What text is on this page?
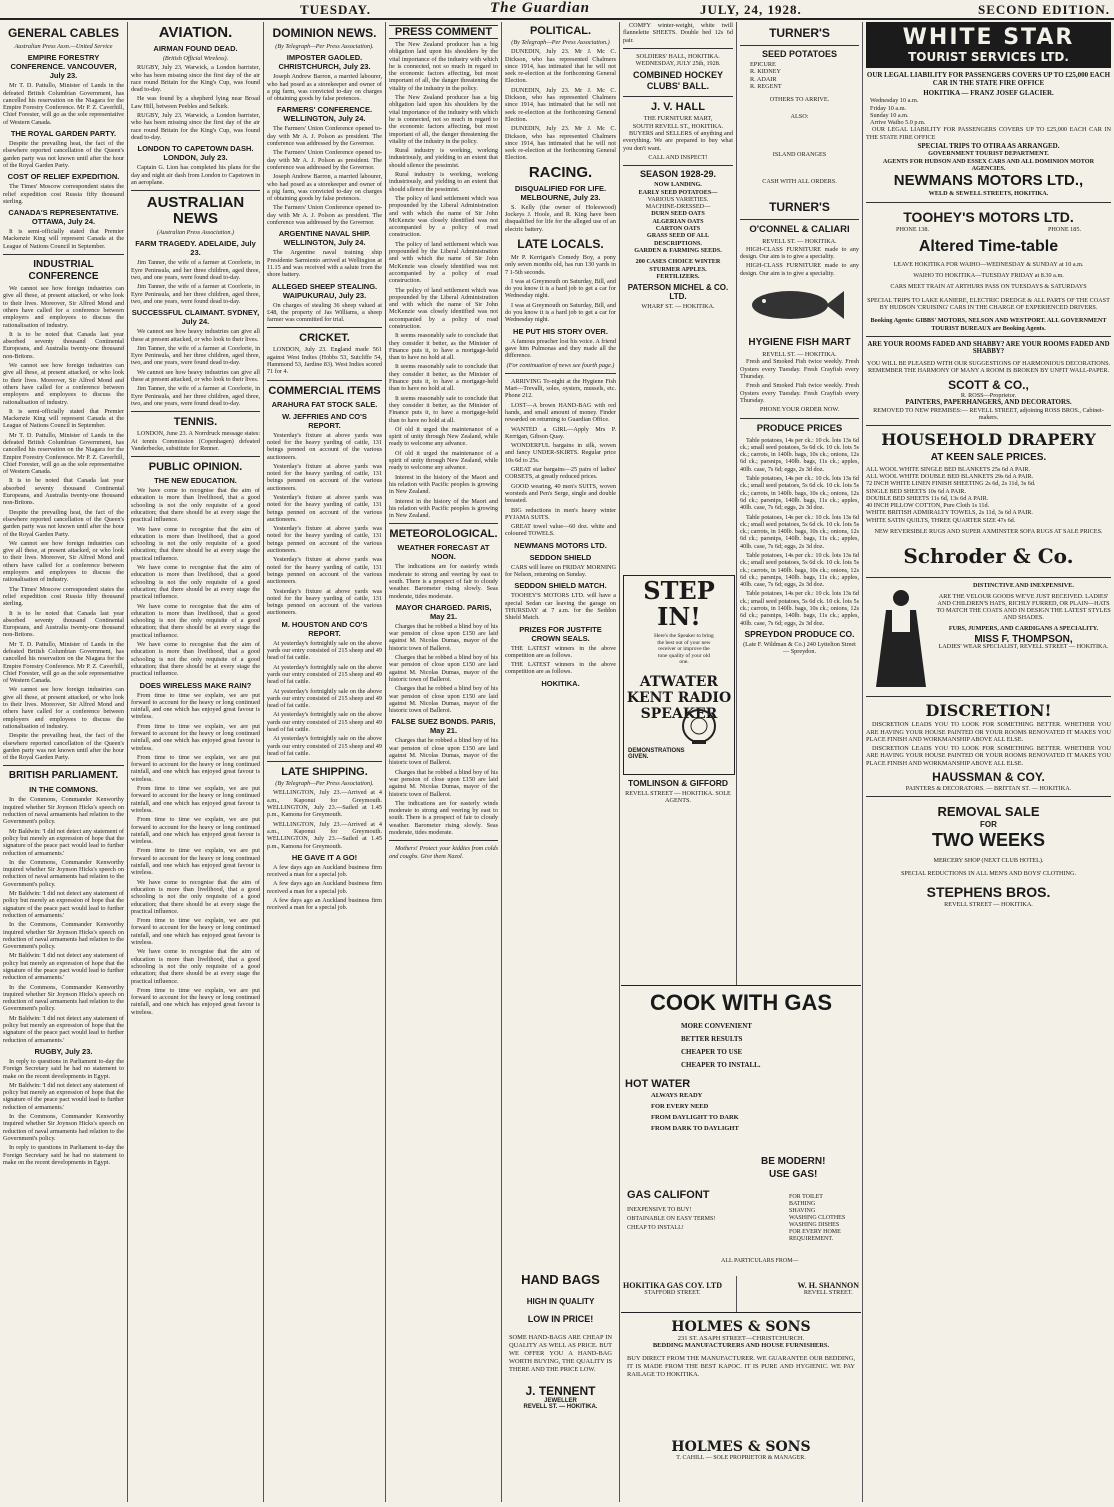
TUESDAY.	The Guardian	JULY, 24, 1928.	SECOND EDITION.
GENERAL CABLES
Australian Press Assn.—United Service
EMPIRE FORESTRY CONFERENCE. VANCOUVER, July 23.

Mr T. D. Pattullo, Minister of Lands in the defeated British Columbian Government, has cancelled his reservation on the Niagara for the Empire Forestry Conference. Mr P. Z. Caverhill, Chief Forester, will go as the sole representative of Western Canada.

THE ROYAL GARDEN PARTY.

Despite the prevailing heat, the fact of the elsewhere reported cancellation of the Queen's garden party was not known until after the hour of the Royal Garden Party.

COST OF RELIEF EXPEDITION.

The Times' Moscow correspondent states the relief expedition cost Russia fifty thousand sterling.

CANADA'S REPRESENTATIVE. OTTAWA, July 24.

It is semi-officially stated that Premier Mackenzie King will represent Canada at the League of Nations Council in September.

INDUSTRIAL CONFERENCE

We cannot see how foreign industries can give all these, at present attacked, or who look to their lives. Moreover, Sir Alfred Mond and others have called for a conference between employers and employees to discuss the rationalisation of industry.

It is to be noted that Canada last year absorbed seventy thousand Continental Europeans, and Australia twenty-one thousand non-Britons.

We cannot see how foreign industries can give all these, at present attacked, or who look to their lives. Moreover, Sir Alfred Mond and others have called for a conference between employers and employees to discuss the rationalisation of industry.

It is semi-officially stated that Premier Mackenzie King will represent Canada at the League of Nations Council in September.

Mr T. D. Pattullo, Minister of Lands in the defeated British Columbian Government, has cancelled his reservation on the Niagara for the Empire Forestry Conference. Mr P. Z. Caverhill, Chief Forester, will go as the sole representative of Western Canada.

It is to be noted that Canada last year absorbed seventy thousand Continental Europeans, and Australia twenty-one thousand non-Britons.

Despite the prevailing heat, the fact of the elsewhere reported cancellation of the Queen's garden party was not known until after the hour of the Royal Garden Party.

We cannot see how foreign industries can give all these, at present attacked, or who look to their lives. Moreover, Sir Alfred Mond and others have called for a conference between employers and employees to discuss the rationalisation of industry.

The Times' Moscow correspondent states the relief expedition cost Russia fifty thousand sterling.

It is to be noted that Canada last year absorbed seventy thousand Continental Europeans, and Australia twenty-one thousand non-Britons.

Mr T. D. Pattullo, Minister of Lands in the defeated British Columbian Government, has cancelled his reservation on the Niagara for the Empire Forestry Conference. Mr P. Z. Caverhill, Chief Forester, will go as the sole representative of Western Canada.

We cannot see how foreign industries can give all these, at present attacked, or who look to their lives. Moreover, Sir Alfred Mond and others have called for a conference between employers and employees to discuss the rationalisation of industry.

Despite the prevailing heat, the fact of the elsewhere reported cancellation of the Queen's garden party was not known until after the hour of the Royal Garden Party.

BRITISH PARLIAMENT.
IN THE COMMONS.

In the Commons, Commander Kenworthy inquired whether Sir Joynson Hicks's speech on reduction of naval armaments had relation to the Government's policy.

Mr Baldwin: 'I did not detect any statement of policy but merely an expression of hope that the signature of the peace pact would lead to further reduction of armaments.'

In the Commons, Commander Kenworthy inquired whether Sir Joynson Hicks's speech on reduction of naval armaments had relation to the Government's policy.

Mr Baldwin: 'I did not detect any statement of policy but merely an expression of hope that the signature of the peace pact would lead to further reduction of armaments.'

In the Commons, Commander Kenworthy inquired whether Sir Joynson Hicks's speech on reduction of naval armaments had relation to the Government's policy.

Mr Baldwin: 'I did not detect any statement of policy but merely an expression of hope that the signature of the peace pact would lead to further reduction of armaments.'

In the Commons, Commander Kenworthy inquired whether Sir Joynson Hicks's speech on reduction of naval armaments had relation to the Government's policy.

Mr Baldwin: 'I did not detect any statement of policy but merely an expression of hope that the signature of the peace pact would lead to further reduction of armaments.'

RUGBY, July 23.

In reply to questions in Parliament to-day the Foreign Secretary said he had no statement to make on the recent developments in Egypt.

Mr Baldwin: 'I did not detect any statement of policy but merely an expression of hope that the signature of the peace pact would lead to further reduction of armaments.'

In the Commons, Commander Kenworthy inquired whether Sir Joynson Hicks's speech on reduction of naval armaments had relation to the Government's policy.

In reply to questions in Parliament to-day the Foreign Secretary said he had no statement to make on the recent developments in Egypt.

AVIATION.
AIRMAN FOUND DEAD.
(British Official Wireless).

RUGBY, July 23. Warwick, a London barrister, who has been missing since the first day of the air race round Britain for the King's Cup, was found dead to-day.

He was found by a shepherd lying near Broad Law Hill, between Peebles and Selkirk.

RUGBY, July 23. Warwick, a London barrister, who has been missing since the first day of the air race round Britain for the King's Cup, was found dead to-day.

LONDON TO CAPETOWN DASH. LONDON, July 23.

Captain G. Lion has completed his plans for the day and night air dash from London to Capetown in an aeroplane.

AUSTRALIAN NEWS
(Australian Press Association.)
FARM TRAGEDY. ADELAIDE, July 23.

Jim Tanner, the wife of a farmer at Coorlorie, in Eyre Peninsula, and her three children, aged three, two, and one years, were found dead to-day.

Jim Tanner, the wife of a farmer at Coorlorie, in Eyre Peninsula, and her three children, aged three, two, and one years, were found dead to-day.

SUCCESSFUL CLAIMANT. SYDNEY, July 24.

We cannot see how heavy industries can give all these at present attacked, or who look to their lives.

Jim Tanner, the wife of a farmer at Coorlorie, in Eyre Peninsula, and her three children, aged three, two, and one years, were found dead to-day.

We cannot see how heavy industries can give all these at present attacked, or who look to their lives.

Jim Tanner, the wife of a farmer at Coorlorie, in Eyre Peninsula, and her three children, aged three, two, and one years, were found dead to-day.

TENNIS.

LONDON, June 23. A Norrdruck message states: At tennis Commission (Copenhagen) defeated Vanderbecke, substitute for Renner.

PUBLIC OPINION.
THE NEW EDUCATION.

We have come to recognise that the aim of education is more than livelihood, that a good schooling is not the only requisite of a good education; that there should be at every stage the practical influence.

We have come to recognise that the aim of education is more than livelihood, that a good schooling is not the only requisite of a good education; that there should be at every stage the practical influence.

We have come to recognise that the aim of education is more than livelihood, that a good schooling is not the only requisite of a good education; that there should be at every stage the practical influence.

We have come to recognise that the aim of education is more than livelihood, that a good schooling is not the only requisite of a good education; that there should be at every stage the practical influence.

We have come to recognise that the aim of education is more than livelihood, that a good schooling is not the only requisite of a good education; that there should be at every stage the practical influence.

DOES WIRELESS MAKE RAIN?

From time to time we explain, we are put forward to account for the heavy or long continued rainfall, and one which has enjoyed great favour is wireless.

From time to time we explain, we are put forward to account for the heavy or long continued rainfall, and one which has enjoyed great favour is wireless.

From time to time we explain, we are put forward to account for the heavy or long continued rainfall, and one which has enjoyed great favour is wireless.

From time to time we explain, we are put forward to account for the heavy or long continued rainfall, and one which has enjoyed great favour is wireless.

From time to time we explain, we are put forward to account for the heavy or long continued rainfall, and one which has enjoyed great favour is wireless.

From time to time we explain, we are put forward to account for the heavy or long continued rainfall, and one which has enjoyed great favour is wireless.

We have come to recognise that the aim of education is more than livelihood, that a good schooling is not the only requisite of a good education; that there should be at every stage the practical influence.

From time to time we explain, we are put forward to account for the heavy or long continued rainfall, and one which has enjoyed great favour is wireless.

We have come to recognise that the aim of education is more than livelihood, that a good schooling is not the only requisite of a good education; that there should be at every stage the practical influence.

From time to time we explain, we are put forward to account for the heavy or long continued rainfall, and one which has enjoyed great favour is wireless.

DOMINION NEWS.
(By Telegraph—Per Press Association).
IMPOSTER GAOLED. CHRISTCHURCH, July 23.

Joseph Andrew Barron, a married labourer, who had posed as a storekeeper and owner of a pig farm, was convicted to-day on charges of obtaining goods by false pretences.

FARMERS' CONFERENCE. WELLINGTON, July 24.

The Farmers' Union Conference opened to-day with Mr A. J. Polson as president. The conference was addressed by the Governor.

The Farmers' Union Conference opened to-day with Mr A. J. Polson as president. The conference was addressed by the Governor.

Joseph Andrew Barron, a married labourer, who had posed as a storekeeper and owner of a pig farm, was convicted to-day on charges of obtaining goods by false pretences.

The Farmers' Union Conference opened to-day with Mr A. J. Polson as president. The conference was addressed by the Governor.

ARGENTINE NAVAL SHIP. WELLINGTON, July 24.

The Argentine naval training ship Presidente Sarmiento arrived at Wellington at 11.15 and was received with a salute from the shore battery.

ALLEGED SHEEP STEALING. WAIPUKURAU, July 23.

On charges of stealing 36 sheep valued at £48, the property of Jas Williams, a sheep farmer was committed for trial.

CRICKET.

LONDON, July 23. England made 561 against West Indies (Hobbs 53, Sutcliffe 54, Hammond 53, Jardine 83). West Indies scored 71 for 4.

COMMERCIAL ITEMS
ARAHURA FAT STOCK SALE.
W. JEFFRIES AND CO'S REPORT.

Yesterday's fixture at above yards was noted for the heavy yarding of cattle, 131 beings penned on account of the various auctioneers.

Yesterday's fixture at above yards was noted for the heavy yarding of cattle, 131 beings penned on account of the various auctioneers.

Yesterday's fixture at above yards was noted for the heavy yarding of cattle, 131 beings penned on account of the various auctioneers.

Yesterday's fixture at above yards was noted for the heavy yarding of cattle, 131 beings penned on account of the various auctioneers.

Yesterday's fixture at above yards was noted for the heavy yarding of cattle, 131 beings penned on account of the various auctioneers.

Yesterday's fixture at above yards was noted for the heavy yarding of cattle, 131 beings penned on account of the various auctioneers.

M. HOUSTON AND CO'S REPORT.

At yesterday's fortnightly sale on the above yards our entry consisted of 215 sheep and 49 head of fat cattle.

At yesterday's fortnightly sale on the above yards our entry consisted of 215 sheep and 49 head of fat cattle.

At yesterday's fortnightly sale on the above yards our entry consisted of 215 sheep and 49 head of fat cattle.

At yesterday's fortnightly sale on the above yards our entry consisted of 215 sheep and 49 head of fat cattle.

At yesterday's fortnightly sale on the above yards our entry consisted of 215 sheep and 49 head of fat cattle.

LATE SHIPPING.
(By Telegraph—Per Press Association).

WELLINGTON, July 23.—Arrived at 4 a.m., Kaponui for Greymouth. WELLINGTON, July 23.—Sailed at 1.45 p.m., Kamona for Greymouth.

WELLINGTON, July 23.—Arrived at 4 a.m., Kaponui for Greymouth. WELLINGTON, July 23.—Sailed at 1.45 p.m., Kamona for Greymouth.

HE GAVE IT A GO!

A few days ago an Auckland business firm received a man for a special job.

A few days ago an Auckland business firm received a man for a special job.

A few days ago an Auckland business firm received a man for a special job.

PRESS COMMENT

The New Zealand producer has a big obligation laid upon his shoulders by the vital importance of the industry with which he is connected, not so much in regard to the economic factors affecting, but most important of all, the danger threatening the vitality of the industry in the policy.

The New Zealand producer has a big obligation laid upon his shoulders by the vital importance of the industry with which he is connected, not so much in regard to the economic factors affecting, but most important of all, the danger threatening the vitality of the industry in the policy.

Rural industry is working, working industriously, and yielding to an extent that should silence the pessimist.

Rural industry is working, working industriously, and yielding to an extent that should silence the pessimist.

The policy of land settlement which was propounded by the Liberal Administration and with which the name of Sir John McKenzie was closely identified was not accompanied by a policy of road construction.

The policy of land settlement which was propounded by the Liberal Administration and with which the name of Sir John McKenzie was closely identified was not accompanied by a policy of road construction.

The policy of land settlement which was propounded by the Liberal Administration and with which the name of Sir John McKenzie was closely identified was not accompanied by a policy of road construction.

It seems reasonably safe to conclude that they consider it better, as the Minister of Finance puts it, to have a mortgage-held than to have no hold at all.

It seems reasonably safe to conclude that they consider it better, as the Minister of Finance puts it, to have a mortgage-held than to have no hold at all.

It seems reasonably safe to conclude that they consider it better, as the Minister of Finance puts it, to have a mortgage-held than to have no hold at all.

Of old it urged the maintenance of a spirit of unity through New Zealand, while ready to welcome any advance.

Of old it urged the maintenance of a spirit of unity through New Zealand, while ready to welcome any advance.

Interest in the history of the Maori and his relation with Pacific peoples is growing in New Zealand.

Interest in the history of the Maori and his relation with Pacific peoples is growing in New Zealand.

METEOROLOGICAL.
WEATHER FORECAST AT NOON.

The indications are for easterly winds moderate to strong and veering by east to south. There is a prospect of fair to cloudy weather. Barometer rising slowly. Seas moderate, tides moderate.

MAYOR CHARGED. PARIS, May 21.

Charges that he robbed a blind boy of his war pension of close upon £150 are laid against M. Nicolas Dumas, mayor of the historic town of Balleroi.

Charges that he robbed a blind boy of his war pension of close upon £150 are laid against M. Nicolas Dumas, mayor of the historic town of Balleroi.

Charges that he robbed a blind boy of his war pension of close upon £150 are laid against M. Nicolas Dumas, mayor of the historic town of Balleroi.

FALSE SUEZ BONDS. PARIS, May 21.

Charges that he robbed a blind boy of his war pension of close upon £150 are laid against M. Nicolas Dumas, mayor of the historic town of Balleroi.

Charges that he robbed a blind boy of his war pension of close upon £150 are laid against M. Nicolas Dumas, mayor of the historic town of Balleroi.

The indications are for easterly winds moderate to strong and veering by east to south. There is a prospect of fair to cloudy weather. Barometer rising slowly. Seas moderate, tides moderate.

Mothers! Protect your kiddies from colds and coughs. Give them Nazol.

POLITICAL.
(By Telegraph—Per Press Association.)

DUNEDIN, July 23. Mr J. Mc C. Dickson, who has represented Chalmers since 1914, has intimated that he will not seek re-election at the forthcoming General Election.

DUNEDIN, July 23. Mr J. Mc C. Dickson, who has represented Chalmers since 1914, has intimated that he will not seek re-election at the forthcoming General Election.

DUNEDIN, July 23. Mr J. Mc C. Dickson, who has represented Chalmers since 1914, has intimated that he will not seek re-election at the forthcoming General Election.

RACING.
DISQUALIFIED FOR LIFE. MELBOURNE, July 23.

S. Kelly (the owner of Holeswood) Jockeys J. Hoole, and R. King have been disqualified for life for the alleged use of an electric battery.

LATE LOCALS.

Mr P. Kerrigan's Comedy Boy, a pony only seven months old, has run 130 yards in 7 1-5th seconds.

I was at Greymouth on Saturday, Bill, and do you know it is a hard job to get a car for Wednesday night.

I was at Greymouth on Saturday, Bill, and do you know it is a hard job to get a car for Wednesday night.

HE PUT HIS STORY OVER.

A famous preacher lost his voice. A friend gave him Pulmonas and they made all the difference.

(For continuation of news see fourth page.)

ARRIVING To-night at the Hygiene Fish Mart—Trevalli, soles, oysters, mussels, etc. Phone 212.

LOST—A brown HAND-BAG with red hands, and small amount of money. Finder rewarded on returning to Guardian Office.

WANTED a GIRL—Apply Mrs P. Kerrigan, Gibson Quay.

WONDERFUL bargains in silk, woven and fancy UNDER-SKIRTS. Regular price 10s 6d to 25s.

GREAT star bargains—25 pairs of ladies' CORSETS, at greatly reduced prices.

GOOD wearing, 40 men's SUITS, woven worsteds and Pen's Serge, single and double breasted.

BIG reductions in men's heavy winter PYJAMA SUITS.

GREAT towel value—60 doz. white and coloured TOWELS.

NEWMANS MOTORS LTD.
SEDDON SHIELD

CARS will leave on FRIDAY MORNING for Nelson, returning on Sunday.

SEDDON SHIELD MATCH.

TOOHEY'S MOTORS LTD. will have a special Sedan car leaving the garage on THURSDAY at 7 a.m. for the Seddon Shield Match.

PRIZES FOR JUSTFITE CROWN SEALS.

THE LATEST winners in the above competition are as follows.

THE LATEST winners in the above competition are as follows.

HOKITIKA.
HAND BAGS
HIGH IN QUALITY
LOW IN PRICE!
SOME HAND-BAGS ARE CHEAP IN QUALITY AS WELL AS PRICE. BUT WE OFFER YOU A HAND-BAG WORTH BUYING, THE QUALITY IS THERE AND THE PRICE LOW.
J. TENNENT
JEWELLER
REVELL ST. — HOKITIKA.

COMFY winter-weight, white twill flannelette SHEETS. Double bed 12s 6d pair.

SOLDIERS' HALL, HOKITIKA.
WEDNESDAY, JULY 25th, 1928.
COMBINED HOCKEY CLUBS' BALL.
J. V. HALL
THE FURNITURE MART,
SOUTH REVELL ST., HOKITIKA.

BUYERS and SELLERS of anything and everything. We are prepared to buy what you don't want.

CALL AND INSPECT!
SEASON 1928-29.
NOW LANDING.
EARLY SEED POTATOES—
VARIOUS VARIETIES.
MACHINE-DRESSED—
DURN SEED OATS
ALGERIAN OATS
CARTON OATS
GRASS SEED OF ALL DESCRIPTIONS.
GARDEN & FARMING SEEDS.
200 CASES CHOICE WINTER STURMER APPLES.
FERTILIZERS.
PATERSON MICHEL & CO. LTD.
WHARF ST. — HOKITIKA.
STEP IN!
Here's the Speaker to bring the best out of your new receiver or improve the tone quality of your old one.
ATWATER KENT RADIO SPEAKER
DEMONSTRATIONS GIVEN.
TOMLINSON & GIFFORD
REVELL STREET — HOKITIKA. SOLE AGENTS.
TURNER'S
SEED POTATOES
EPICURE
R. KIDNEY
R. ADAIR
R. REGENT
OTHERS TO ARRIVE.
ALSO:
ISLAND ORANGES
CASH WITH ALL ORDERS.
TURNER'S
O'CONNEL & CALIARI
REVELL ST. — HOKITIKA.

HIGH-CLASS FURNITURE made to any design. Our aim is to give a speciality.

HIGH-CLASS FURNITURE made to any design. Our aim is to give a speciality.

HYGIENE FISH MART
REVELL ST. — HOKITIKA.

Fresh and Smoked Fish twice weekly. Fresh Oysters every Tuesday. Fresh Crayfish every Thursday.

Fresh and Smoked Fish twice weekly. Fresh Oysters every Tuesday. Fresh Crayfish every Thursday.

PHONE YOUR ORDER NOW.
PRODUCE PRICES

Table potatoes, 14s per ck.: 10 ck. lots 13s 6d ck.; small seed potatoes, 5s 6d ck. 10 ck. lots 5s ck.; carrots, in 140lb. bags, 10s ck.; onions, 12s 6d ck.; parsnips, 140lb. bags, 11s ck.; apples, 40lb. case, 7s 6d; eggs, 2s 3d doz.

Table potatoes, 14s per ck.: 10 ck. lots 13s 6d ck.; small seed potatoes, 5s 6d ck. 10 ck. lots 5s ck.; carrots, in 140lb. bags, 10s ck.; onions, 12s 6d ck.; parsnips, 140lb. bags, 11s ck.; apples, 40lb. case, 7s 6d; eggs, 2s 3d doz.

Table potatoes, 14s per ck.: 10 ck. lots 13s 6d ck.; small seed potatoes, 5s 6d ck. 10 ck. lots 5s ck.; carrots, in 140lb. bags, 10s ck.; onions, 12s 6d ck.; parsnips, 140lb. bags, 11s ck.; apples, 40lb. case, 7s 6d; eggs, 2s 3d doz.

Table potatoes, 14s per ck.: 10 ck. lots 13s 6d ck.; small seed potatoes, 5s 6d ck. 10 ck. lots 5s ck.; carrots, in 140lb. bags, 10s ck.; onions, 12s 6d ck.; parsnips, 140lb. bags, 11s ck.; apples, 40lb. case, 7s 6d; eggs, 2s 3d doz.

Table potatoes, 14s per ck.: 10 ck. lots 13s 6d ck.; small seed potatoes, 5s 6d ck. 10 ck. lots 5s ck.; carrots, in 140lb. bags, 10s ck.; onions, 12s 6d ck.; parsnips, 140lb. bags, 11s ck.; apples, 40lb. case, 7s 6d; eggs, 2s 3d doz.

SPREYDON PRODUCE CO.
(Late F. Wildman & Co.) 240 Lyttelton Street — Spreydon.
COOK WITH GAS
MORE CONVENIENT
BETTER RESULTS
CHEAPER TO USE
CHEAPER TO INSTALL.
HOT WATER
ALWAYS READY
FOR EVERY NEED
FROM DAYLIGHT TO DARK
FROM DARK TO DAYLIGHT
BE MODERN!
USE GAS!
GAS CALIFONT
INEXPENSIVE TO BUY! OBTAINABLE ON EASY TERMS! CHEAP TO INSTALL!
FOR TOILET
BATHING
SHAVING
WASHING CLOTHES
WASHING DISHES
FOR EVERY HOME REQUIREMENT.
ALL PARTICULARS FROM—
HOKITIKA GAS COY. LTD
STAFFORD STREET.
W. H. SHANNON
REVELL STREET.
HOLMES & SONS
231 ST. ASAPH STREET—CHRISTCHURCH.
BEDDING MANUFACTURERS AND HOUSE FURNISHERS.
BUY DIRECT FROM THE MANUFACTURER. WE GUARANTEE OUR BEDDING, IT IS MADE FROM THE BEST KAPOC. IT IS PURE AND HYGIENIC. WE PAY RAILAGE TO HOKITIKA.
HOLMES & SONS
T. CAHILL — SOLE PROPRIETOR & MANAGER.
WHITE STAR
TOURIST SERVICES LTD.
OUR LEGAL LIABILITY FOR PASSENGERS COVERS UP TO £25,000 EACH CAR IN THE STATE FIRE OFFICE
HOKITIKA — FRANZ JOSEF GLACIER.
Wednesday 10 a.m.
Friday 10 a.m.
Sunday 10 a.m.
Arrive Waiho 5.0 p.m.

OUR LEGAL LIABILITY FOR PASSENGERS COVERS UP TO £25,000 EACH CAR IN THE STATE FIRE OFFICE

SPECIAL TRIPS TO OTIRA AS ARRANGED.
GOVERNMENT TOURIST DEPARTMENT.
AGENTS FOR HUDSON AND ESSEX CARS AND ALL DOMINION MOTOR AGENCIES.
NEWMANS MOTORS LTD.,
WELD & SEWELL STREETS, HOKITIKA.
TOOHEY'S MOTORS LTD.
PHONE 138.	PHONE 185.
Altered Time-table
LEAVE HOKITIKA FOR WAIHO—WEDNESDAY & SUNDAY at 10 a.m.
WAIHO TO HOKITIKA—TUESDAY FRIDAY at 8.30 a.m.
CARS MEET TRAIN AT ARTHURS PASS ON TUESDAYS & SATURDAYS
SPECIAL TRIPS TO LAKE KANIERE, ELECTRIC DREDGE & ALL PARTS OF THE COAST BY HUDSON 'CRUISING' CARS IN THE CHARGE OF EXPERIENCED DRIVERS.
Booking Agents: GIBBS' MOTORS, NELSON AND WESTPORT. ALL GOVERNMENT TOURIST BUREAUX are Booking Agents.
ARE YOUR ROOMS FADED AND SHABBY? ARE YOUR ROOMS FADED AND SHABBY?
YOU WILL BE PLEASED WITH OUR SUGGESTIONS OF HARMONIOUS DECORATIONS. REMEMBER THE HARMONY OF MANY A ROOM IS BROKEN BY UNFIT WALL-PAPER.
SCOTT & CO.,
R. ROSS—Proprietor.
PAINTERS, PAPERHANGERS, AND DECORATORS.
REMOVED TO NEW PREMISES:— REVELL STREET, adjoining ROSS BROS., Cabinet-makers.
HOUSEHOLD DRAPERY
AT KEEN SALE PRICES.
ALL WOOL WHITE SINGLE BED BLANKETS 25s 6d A PAIR.
ALL WOOL WHITE DOUBLE BED BLANKETS 29s 6d A PAIR.
72 INCH WHITE LINEN FINISH SHEETING 2s 6d, 2s 11d, 3s 6d.
SINGLE BED SHEETS 10s 6d A PAIR.
DOUBLE BED SHEETS 11s 6d, 13s 6d A PAIR.
40 INCH PILLOW COTTON, Pure Cloth 1s 11d.
WHITE BRITISH ADMIRALTY TOWELS, 2s 11d, 3s 6d A PAIR.
WHITE SATIN QUILTS, THREE QUARTER SIZE 47s 6d.
NEW REVERSIBLE RUGS AND SUPER AXMINSTER SOFA RUGS AT SALE PRICES.
Schroder & Co.
DISTINCTIVE AND INEXPENSIVE.
ARE THE VELOUR GOODS WE'VE JUST RECEIVED. LADIES' AND CHILDREN'S HATS, RICHLY FURRED, OR PLAIN—HATS TO MATCH THE COATS AND IN DESIGN THE LATEST STYLES AND SHADES.
FURS, JUMPERS, AND CARDIGANS A SPECIALITY.
MISS F. THOMPSON,
LADIES' WEAR SPECIALIST, REVELL STREET — HOKITIKA.
DISCRETION!

DISCRETION LEADS YOU TO LOOK FOR SOMETHING BETTER. WHETHER YOU ARE HAVING YOUR HOUSE PAINTED OR YOUR ROOMS RENOVATED IT MAKES YOU PLACE FINISH AND WORKMANSHIP ABOVE ALL ELSE.

DISCRETION LEADS YOU TO LOOK FOR SOMETHING BETTER. WHETHER YOU ARE HAVING YOUR HOUSE PAINTED OR YOUR ROOMS RENOVATED IT MAKES YOU PLACE FINISH AND WORKMANSHIP ABOVE ALL ELSE.

HAUSSMAN & COY.
PAINTERS & DECORATORS. — BRITTAN ST. — HOKITIKA.
REMOVAL SALE
FOR
TWO WEEKS
MERCERY SHOP (NEXT CLUB HOTEL).
SPECIAL REDUCTIONS IN ALL MEN'S AND BOYS' CLOTHING.
STEPHENS BROS.
REVELL STREET — HOKITIKA.
